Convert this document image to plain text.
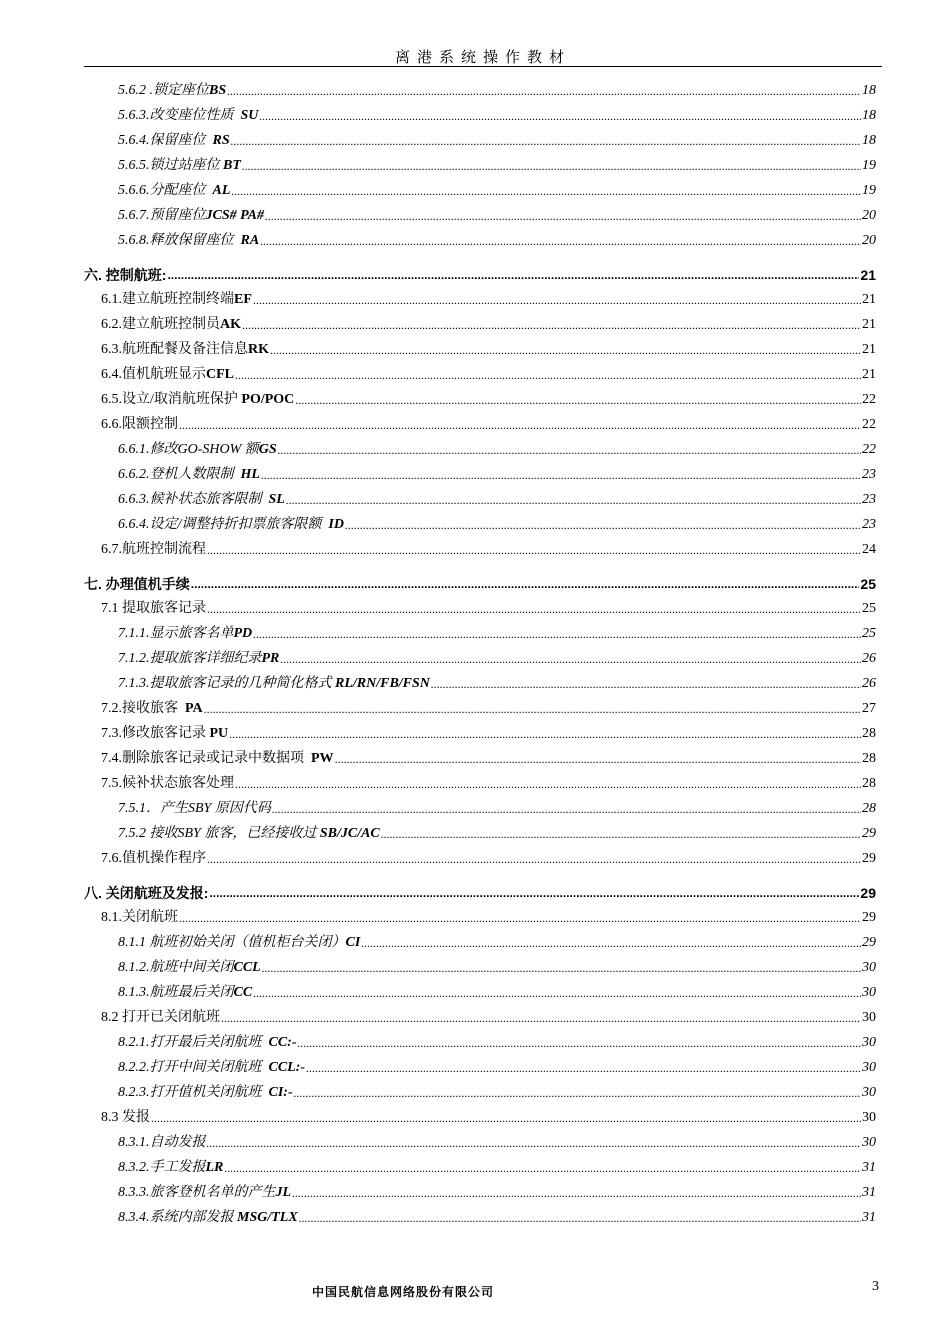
离港系统操作教材
5.6.2 .锁定座位 BS .....	18
5.6.3.改变座位性质 SU .....	18
5.6.4.保留座位 RS .....	18
5.6.5.锁过站座位 BT .....	19
5.6.6.分配座位 AL .....	19
5.6.7.预留座位 JCS# PA# .....	20
5.6.8.释放保留座位 RA .....	20
六. 控制航班: .....	21
6.1.建立航班控制终端 EF .....	21
6.2.建立航班控制员 AK .....	21
6.3.航班配餐及备注信息 RK .....	21
6.4.值机航班显示 CFL .....	21
6.5.设立/取消航班保护 PO/POC .....	22
6.6.限额控制 .....	22
6.6.1.修改GO-SHOW 额 GS .....	22
6.6.2.登机人数限制 HL .....	23
6.6.3.候补状态旅客限制 SL .....	23
6.6.4.设定/调整持折扣票旅客限额 ID .....	23
6.7.航班控制流程 .....	24
七. 办理值机手续 .....	25
7.1 提取旅客记录 .....	25
7.1.1.显示旅客名单 PD .....	25
7.1.2.提取旅客详细纪录 PR .....	26
7.1.3.提取旅客记录的几种简化格式 RL/RN/FB/FSN .....	26
7.2.接收旅客 PA .....	27
7.3.修改旅客记录 PU .....	28
7.4.删除旅客记录或记录中数据项 PW .....	28
7.5.候补状态旅客处理 .....	28
7.5.1．产生SBY 原因代码 .....	28
7.5.2 接收SBY 旅客，已经接收过 SB/JC/AC .....	29
7.6.值机操作程序 .....	29
八. 关闭航班及发报: .....	29
8.1.关闭航班 .....	29
8.1.1 航班初始关闭（值机柜台关闭） CI .....	29
8.1.2.航班中间关闭 CCL .....	30
8.1.3.航班最后关闭 CC .....	30
8.2 打开已关闭航班 .....	30
8.2.1.打开最后关闭航班 CC:- .....	30
8.2.2.打开中间关闭航班 CCL:- .....	30
8.2.3.打开值机关闭航班 CI:- .....	30
8.3 发报 .....	30
8.3.1.自动发报 .....	30
8.3.2.手工发报 LR .....	31
8.3.3.旅客登机名单的产生 JL .....	31
8.3.4.系统内部发报 MSG/TLX .....	31
中国民航信息网络股份有限公司	3
